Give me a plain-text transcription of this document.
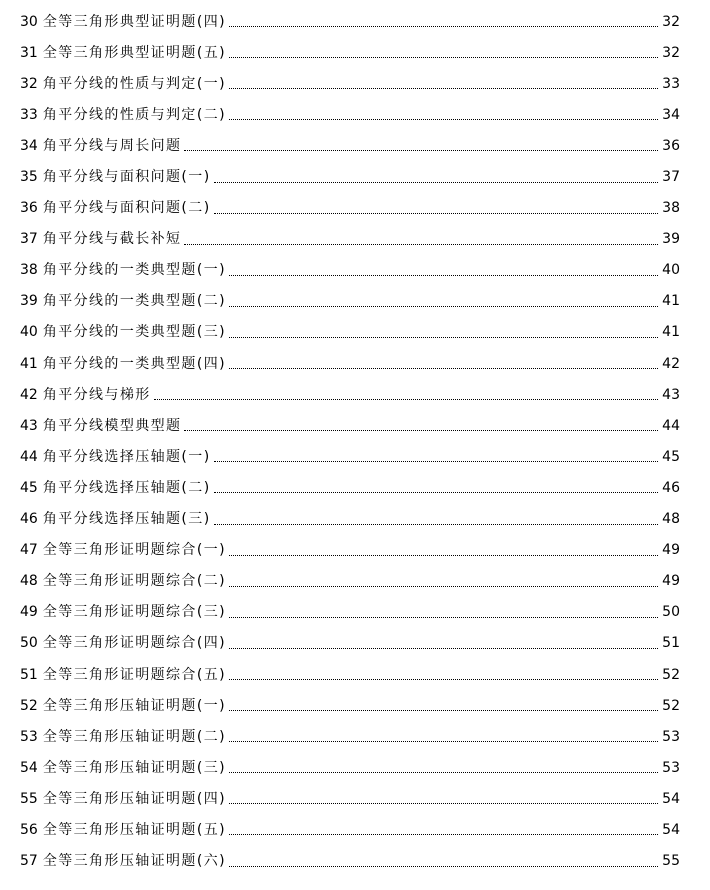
30 全等三角形典型证明题(四)	32
31 全等三角形典型证明题(五)	32
32 角平分线的性质与判定(一)	33
33 角平分线的性质与判定(二)	34
34 角平分线与周长问题	36
35 角平分线与面积问题(一)	37
36 角平分线与面积问题(二)	38
37 角平分线与截长补短	39
38 角平分线的一类典型题(一)	40
39 角平分线的一类典型题(二)	41
40 角平分线的一类典型题(三)	41
41 角平分线的一类典型题(四)	42
42 角平分线与梯形	43
43 角平分线模型典型题	44
44 角平分线选择压轴题(一)	45
45 角平分线选择压轴题(二)	46
46 角平分线选择压轴题(三)	48
47 全等三角形证明题综合(一)	49
48 全等三角形证明题综合(二)	49
49 全等三角形证明题综合(三)	50
50 全等三角形证明题综合(四)	51
51 全等三角形证明题综合(五)	52
52 全等三角形压轴证明题(一)	52
53 全等三角形压轴证明题(二)	53
54 全等三角形压轴证明题(三)	53
55 全等三角形压轴证明题(四)	54
56 全等三角形压轴证明题(五)	54
57 全等三角形压轴证明题(六)	55
